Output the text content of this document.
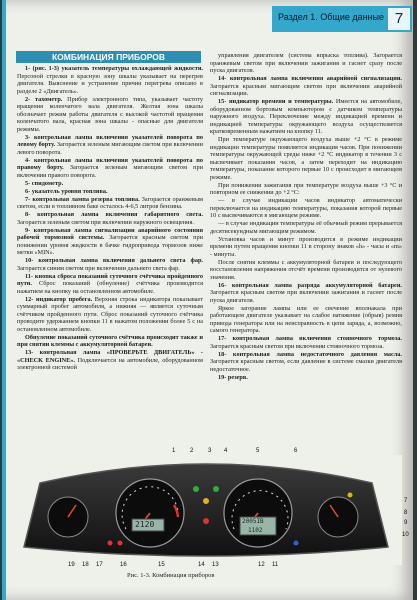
Раздел 1. Общие данные 7
КОМБИНАЦИЯ ПРИБОРОВ

1- (рис. 1-3) указатель температуры охлаждающей жидкости. Персоной стрелки в красную зону шкалы указывает на перегрев двигателя. Выяснение и устранение причин перегрева описано в разделе 2 «Двигатель».

2- тахометр. Прибор электронного типа, указывает частоту вращения коленчатого вала двигателя. Желтая зона шкалы обозначает режим работы двигателя с высокой частотой вращения коленчатого вала, красная зона шкалы - опасные для двигателя режимы.

3- контрольная лампа включения указателей поворота по левому борту. Загорается зеленым мигающим светом при включении левого поворота.

4- контрольная лампа включения указателей поворота по правому борту. Загорается зеленым мигающим светом при включении правого поворота.

5- спидометр.

6- указатель уровня топлива.

7- контрольная лампа резерва топлива. Загорается оранжевым светом, если в топливном баке осталось 4-6,5 литров бензина.

8- контрольная лампа включения габаритного света. Загорается зеленым светом при включении наружного освещения.

9- контрольная лампа сигнализации аварийного состояния рабочей тормозной системы. Загорается красным светом при понижении уровня жидкости в бачке гидропривода тормозов ниже метки «MIN».

10- контрольная лампа включения дальнего света фар. Загорается синим светом при включении дальнего света фар.

11- кнопка сброса показаний суточного счётчика пройденного пути. Сброс показаний (обнуление) счётчика производится нажатием на кнопку на остановленном автомобиле.

12- индикатор пробега. Верхняя строка индикатора показывает суммарный пробег автомобиля, а нижняя — является суточным счётчиком пройденного пути. Сброс показаний суточного счётчика проводите удержанием кнопки 11 в нажатом положении более 5 с на остановленном автомобиле.

Обнуление показаний суточного счётчика происходит также и при снятии клеммы с аккумуляторной батареи.

13- контрольная лампа «ПРОВЕРЬТЕ ДВИГАТЕЛЬ» - «CHECK ENGINE». Подключается на автомобиле, оборудованном электронной системой

управления двигателем (система впрыска топлива). Загорается оранжевым светом при включении зажигания и гаснет сразу после пуска двигателя.

14- контрольная лампа включения аварийной сигнализации. Загорается красным мигающим светом при включении аварийной сигнализации.

15- индикатор времени и температуры. Имеется на автомобиле, оборудованном бортовым компьютером с датчиком температуры наружного воздуха. Переключение между индикацией времени и индикацией температуры окружающего воздуха осуществляется кратковременным нажатием на кнопку 11.

При температуре окружающего воздуха выше +2 °С в режиме индикации температуры появляется индикация часов. При понижении температуры окружающей среды ниже +2 °С индикатор в течении 3 с высвечивает показания часов, а затем переходит на индикацию температуры, показание которого первые 10 с происходит в мигающем режиме.

При понижении зажигания при температуре воздуха выше +3 °С и повторном ее снижении до +2 °С:

— в случае индикации часов индикатор автоматически переключается на индикацию температуры, показания которой первые 10 с высвечиваются в мигающем режиме.

— в случае индикации температуры её обычный режим прерывается десятисекундным мигающим режимом.

Установка часов и минут производится в режиме индикации времени путем вращения кнопки 11 в сторону знаков «h» - часы и «m» - минуты.

После снятия клеммы с аккумуляторной батареи и последующего восстановления напряжения отсчёт времени производится от нулевого значения.

16- контрольная лампа разряда аккумуляторной батареи. Загорается красным светом при включении зажигания и гаснет после пуска двигателя.

Яркое загорание лампы или ее свечение вполнакала при работающем двигателе указывает на слабое натяжение (обрыв) ремня привода генератора или на неисправность в цепи заряда, а, возможно, самого генератора.

17- контрольная лампа включения стояночного тормоза. Загорается красным светом при включении стояночного тормоза.

18- контрольная лампа недостаточного давления масла. Загорается красным светом, если давление в системе смазки двигателя недостаточное.

19- резерв.

2120	2005IB
1102
1 2 3 4	5	6
7
8
9
10
19 18 17	16	15	14 13	12 11
Рис. 1-3. Комбинация приборов
